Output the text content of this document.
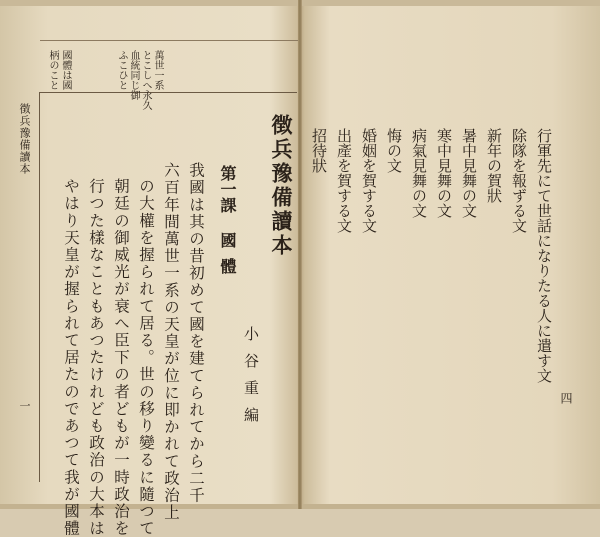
四
行軍先にて世話になりたる人に遣す文
除隊を報ずる文
新年の賀狀
暑中見舞の文
寒中見舞の文
病氣見舞の文
悔の文
婚姻を賀する文
出產を賀する文
招待狀
萬世一系
とこしへ永久
血統同じ御
ふこひと
國體は國
柄のこと
徴兵豫備讀本
小谷重編
第一課
國體
我國は其の昔初めて國を建てられてから二千
六百年間萬世一系の天皇が位に即かれて政治上
の大權を握られて居る。世の移り變るに隨つて
朝廷の御威光が衰へ臣下の者どもが一時政治を
行つた樣なこともあつたけれども政治の大本は
やはり天皇が握られて居たのであつて我が國體
徴兵豫備讀本
一
